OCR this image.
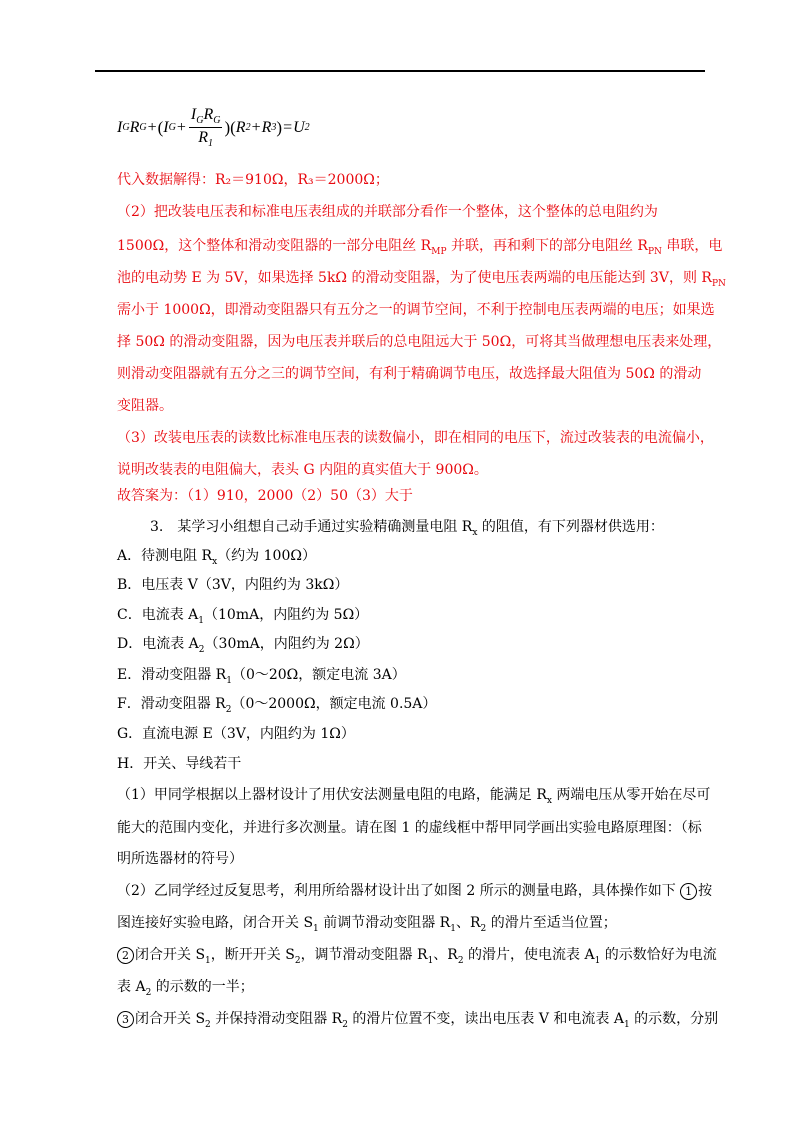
I G R G + ( I $G + \frac{I_GR_G}{R_1}$ ) ( R 2 + R 3 ) = U 2
代入数据解得：R₂＝910Ω，R₃＝2000Ω；
（2）把改装电压表和标准电压表组成的并联部分看作一个整体，这个整体的总电阻约为
1500Ω，这个整体和滑动变阻器的一部分电阻丝 $R_{MP}$ 并联，再和剩下的部分电阻丝 $R_{PN}$ 串联，电
池的电动势 E 为 5V，如果选择 5kΩ 的滑动变阻器，为了使电压表两端的电压能达到 3V，则 $R_{PN}$
需小于 1000Ω，即滑动变阻器只有五分之一的调节空间，不利于控制电压表两端的电压；如果选
择 50Ω 的滑动变阻器，因为电压表并联后的总电阻远大于 50Ω，可将其当做理想电压表来处理，
则滑动变阻器就有五分之三的调节空间，有利于精确调节电压，故选择最大阻值为 50Ω 的滑动
变阻器。
（3）改装电压表的读数比标准电压表的读数偏小，即在相同的电压下，流过改装表的电流偏小，
说明改装表的电阻偏大，表头 G 内阻的真实值大于 900Ω。
故答案为：（1）910，2000（2）50（3）大于
3.　某学习小组想自己动手通过实验精确测量电阻 $R_x$ 的阻值，有下列器材供选用：
A．待测电阻 $R_x$（约为 100Ω）
B．电压表 V（3V，内阻约为 3kΩ）
C．电流表 $A_1(10mA$，内阻约为 5Ω）
D．电流表 $A_2(30mA$，内阻约为 2Ω）
E．滑动变阻器 $R_1(0\sim 20\Omega$，额定电流 3A）
F．滑动变阻器 $R_2(0\sim 2000\Omega$，额定电流 0.5A）
G．直流电源 E（3V，内阻约为 1Ω）
H．开关、导线若干
（1）甲同学根据以上器材设计了用伏安法测量电阻的电路，能满足 $R_x$ 两端电压从零开始在尽可
能大的范围内变化，并进行多次测量。请在图 1 的虚线框中帮甲同学画出实验电路原理图：（标
明所选器材的符号）
（2）乙同学经过反复思考，利用所给器材设计出了如图 2 所示的测量电路，具体操作如下 1 按
图连接好实验电路，闭合开关 $S_1$ 前调节滑动变阻器 $R_1$、$R_2$ 的滑片至适当位置；
2 闭合开关 $S_1$，断开开关 $S_2$，调节滑动变阻器 $R_1$、$R_2$ 的滑片，使电流表 $A_1$ 的示数恰好为电流
表 $A_2$ 的示数的一半；
3 闭合开关 $S_2$ 并保持滑动变阻器 $R_2$ 的滑片位置不变，读出电压表 V 和电流表 $A_1$ 的示数，分别
